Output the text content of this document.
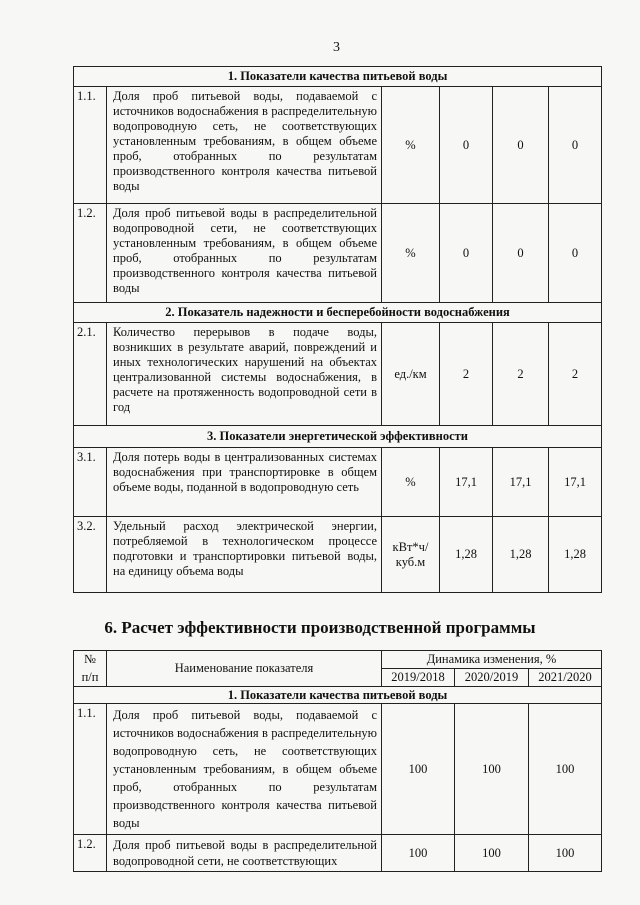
3
1. Показатели качества питьевой воды					
1.1.	Доля проб питьевой воды, подаваемой с источников водоснабжения в распределительную водопроводную сеть, не соответствующих установленным требованиям, в общем объеме проб, отобранных по результатам производственного контроля качества питьевой воды	%	0	0	0
1.2.	Доля проб питьевой воды в распределительной водопроводной сети, не соответствующих установленным требованиям, в общем объеме проб, отобранных по результатам производственного контроля качества питьевой воды	%	0	0	0
2. Показатель надежности и бесперебойности водоснабжения					
2.1.	Количество перерывов в подаче воды, возникших в результате аварий, повреждений и иных технологических нарушений на объектах централизованной системы водоснабжения, в расчете на протяженность водопроводной сети в год	ед./км	2	2	2
3. Показатели энергетической эффективности					
3.1.	Доля потерь воды в централизованных системах водоснабжения при транспортировке в общем объеме воды, поданной в водопроводную сеть	%	17,1	17,1	17,1
3.2.	Удельный расход электрической энергии, потребляемой в технологическом процессе подготовки и транспортировки питьевой воды, на единицу объема воды	кВт*ч/ куб.м	1,28	1,28	1,28
6. Расчет эффективности производственной программы
№	Наименование показателя	Динамика изменения, %		
п/п		2019/2018	2020/2019	2021/2020
1. Показатели качества питьевой воды				
1.1.	Доля проб питьевой воды, подаваемой с источников водоснабжения в распределительную водопроводную сеть, не соответствующих установленным требованиям, в общем объеме проб, отобранных по результатам производственного контроля качества питьевой воды	100	100	100
1.2.	Доля проб питьевой воды в распределительной водопроводной сети, не соответствующих	100	100	100
